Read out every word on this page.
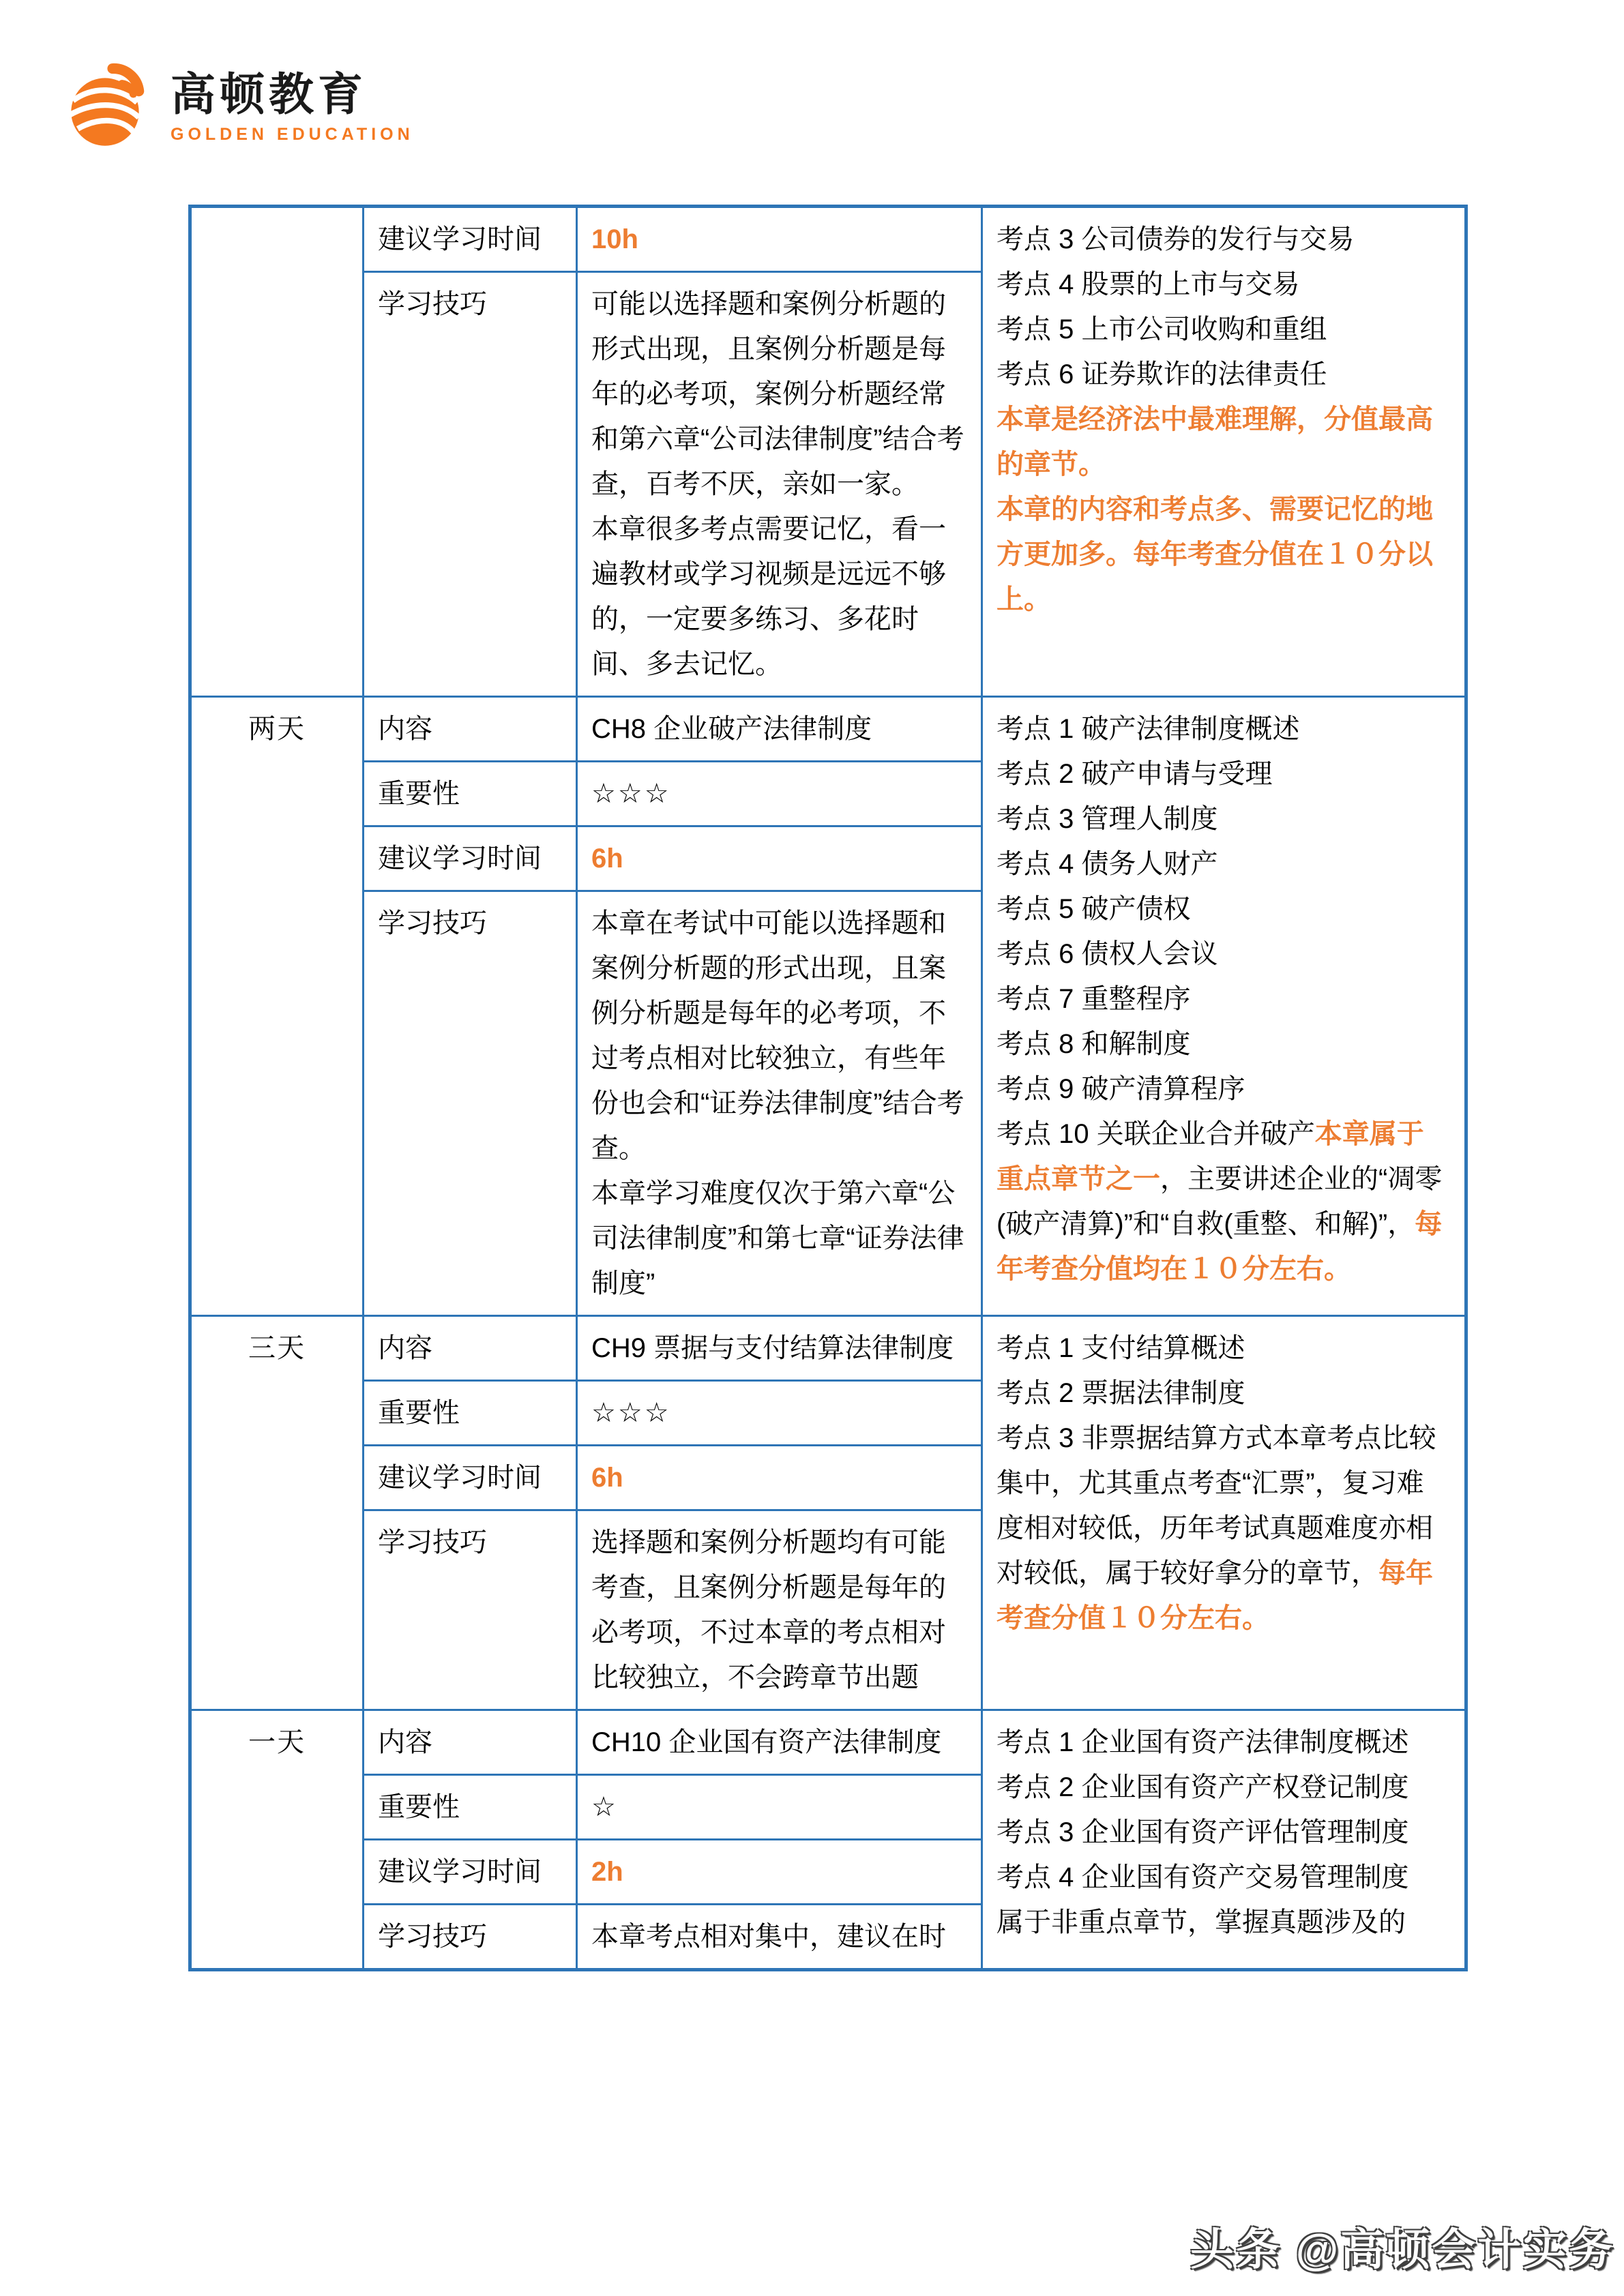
高顿教育
GOLDEN EDUCATION
	建议学习时间	10h	考点 3 公司债券的发行与交易
考点 4 股票的上市与交易
考点 5 上市公司收购和重组
考点 6 证券欺诈的法律责任

本章是经济法中最难理解，分值最高的章节。

本章的内容和考点多、需要记忆的地方更加多。每年考查分值在１０分以上。

	学习技巧	可能以选择题和案例分析题的形式出现，且案例分析题是每年的必考项，案例分析题经常和第六章“公司法律制度”结合考查，百考不厌，亲如一家。

本章很多考点需要记忆，看一遍教材或学习视频是远远不够的，一定要多练习、多花时间、多去记忆。	

两天	内容	CH8 企业破产法律制度	考点 1 破产法律制度概述
考点 2 破产申请与受理
考点 3 管理人制度
考点 4 债务人财产
考点 5 破产债权
考点 6 债权人会议
考点 7 重整程序
考点 8 和解制度
考点 9 破产清算程序

考点 10 关联企业合并破产本章属于重点章节之一，主要讲述企业的“凋零(破产清算)”和“自救(重整、和解)”，每年考查分值均在１０分左右。

	重要性	☆☆☆	
	建议学习时间	6h	
	学习技巧	本章在考试中可能以选择题和案例分析题的形式出现，且案例分析题是每年的必考项，不过考点相对比较独立，有些年份也会和“证券法律制度”结合考查。

本章学习难度仅次于第六章“公司法律制度”和第七章“证券法律制度”	

三天	内容	CH9 票据与支付结算法律制度	考点 1 支付结算概述
考点 2 票据法律制度

考点 3 非票据结算方式本章考点比较集中，尤其重点考查“汇票”，复习难度相对较低，历年考试真题难度亦相对较低，属于较好拿分的章节，每年考查分值１０分左右。

	重要性	☆☆☆	
	建议学习时间	6h	
	学习技巧	选择题和案例分析题均有可能考查，且案例分析题是每年的必考项，不过本章的考点相对比较独立，不会跨章节出题	

一天	内容	CH10 企业国有资产法律制度	考点 1 企业国有资产法律制度概述
考点 2 企业国有资产产权登记制度
考点 3 企业国有资产评估管理制度
考点 4 企业国有资产交易管理制度

属于非重点章节，掌握真题涉及的

	重要性	☆	
	建议学习时间	2h	
	学习技巧	本章考点相对集中，建议在时	

头条 @高顿会计实务
